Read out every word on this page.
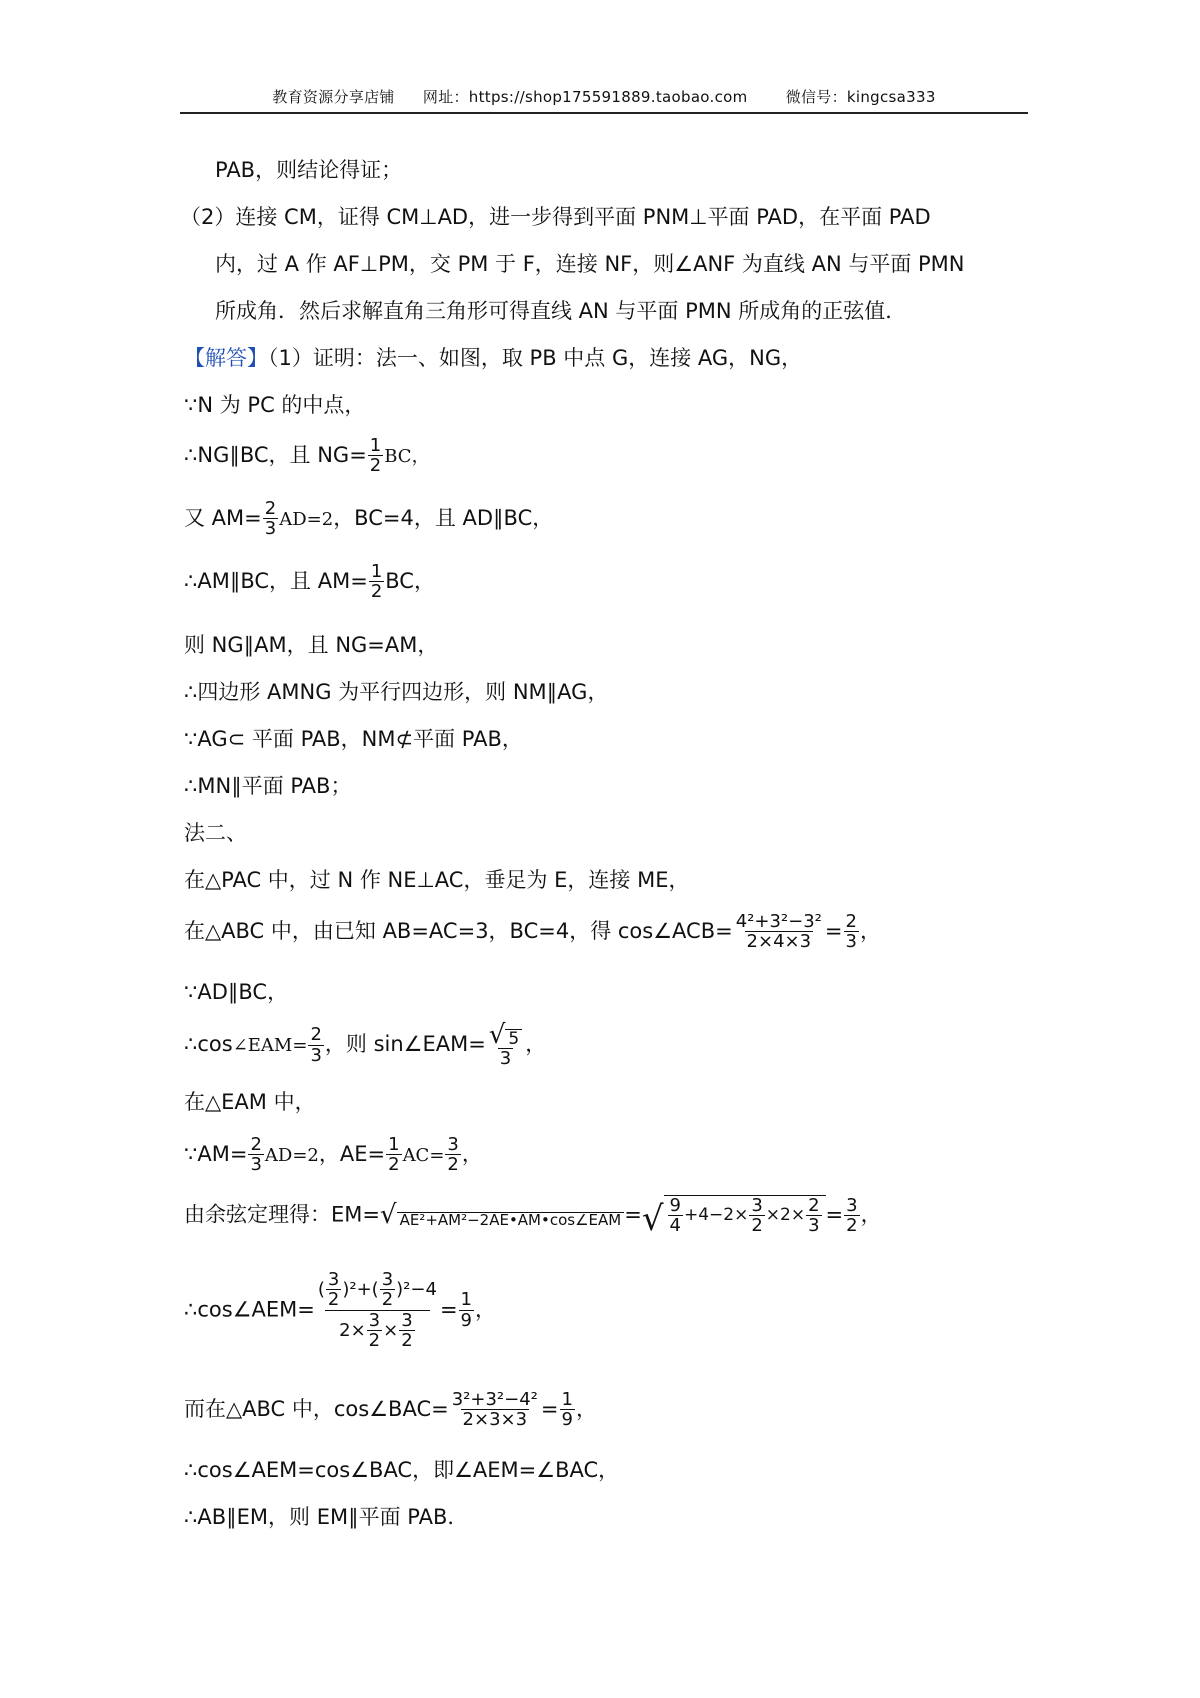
教育资源分享店铺 网址：https://shop175591889.taobao.com	微信号：kingcsa333
PAB，则结论得证；
（2）连接 CM，证得 CM⊥AD，进一步得到平面 PNM⊥平面 PAD，在平面 PAD
内，过 A 作 AF⊥PM，交 PM 于 F，连接 NF，则∠ANF 为直线 AN 与平面 PMN
所成角．然后求解直角三角形可得直线 AN 与平面 PMN 所成角的正弦值．
【解答】（1）证明：法一、如图，取 PB 中点 G，连接 AG，NG，
∵N 为 PC 的中点，
∴NG∥BC，且 $NG= \frac{1}{2}$ BC，
又 $AM= \frac{2}{3} AD=2$，BC=4，且 AD∥BC，
∴AM∥BC，且 $AM= \frac{1}{2}$ BC，
则 NG∥AM，且 NG=AM，
∴四边形 AMNG 为平行四边形，则 NM∥AG，
∵AG⊂ 平面 PAB，NM⊄平面 PAB，
∴MN∥平面 PAB；
法二、
在△PAC 中，过 N 作 NE⊥AC，垂足为 E，连接 ME，
在△ABC 中，由已知 AB=AC=3，BC=4，得 cos∠ACB= $\frac{\text{4²+3²−3²}}{2\times 4\times 3} = \frac{2}{3}$ ，
∵AD∥BC，
∴cos∠EAM= $\frac{2}{3}$ ，则 sin∠EAM= $\frac{√ 5}{3}$ ，
在△EAM 中，
∵AM= $\frac{2}{3} AD=2$，$AE= \frac{1}{2} AC= \frac{3}{2}$ ，
由余弦定理得：EM= √ AE²+AM²−2AE•AM•cos∠EAM = √ $\frac{9}{4} +4-2\times \frac{3}{2} \times 2\times \frac{2}{3} = \frac{3}{2}$ ，
∴cos∠AEM= $\frac{( \frac{3}{2} )^2+( \frac{3}{2} )^2-4}{2\times \frac{3}{2} \times \frac{3}{2}} = \frac{1}{9}$ ，
而在△ABC 中，cos∠BAC= $\frac{\text{3²+3²−4²}}{2\times 3\times 3} = \frac{1}{9}$ ，
∴cos∠AEM=cos∠BAC，即∠AEM=∠BAC，
∴AB∥EM，则 EM∥平面 PAB．
